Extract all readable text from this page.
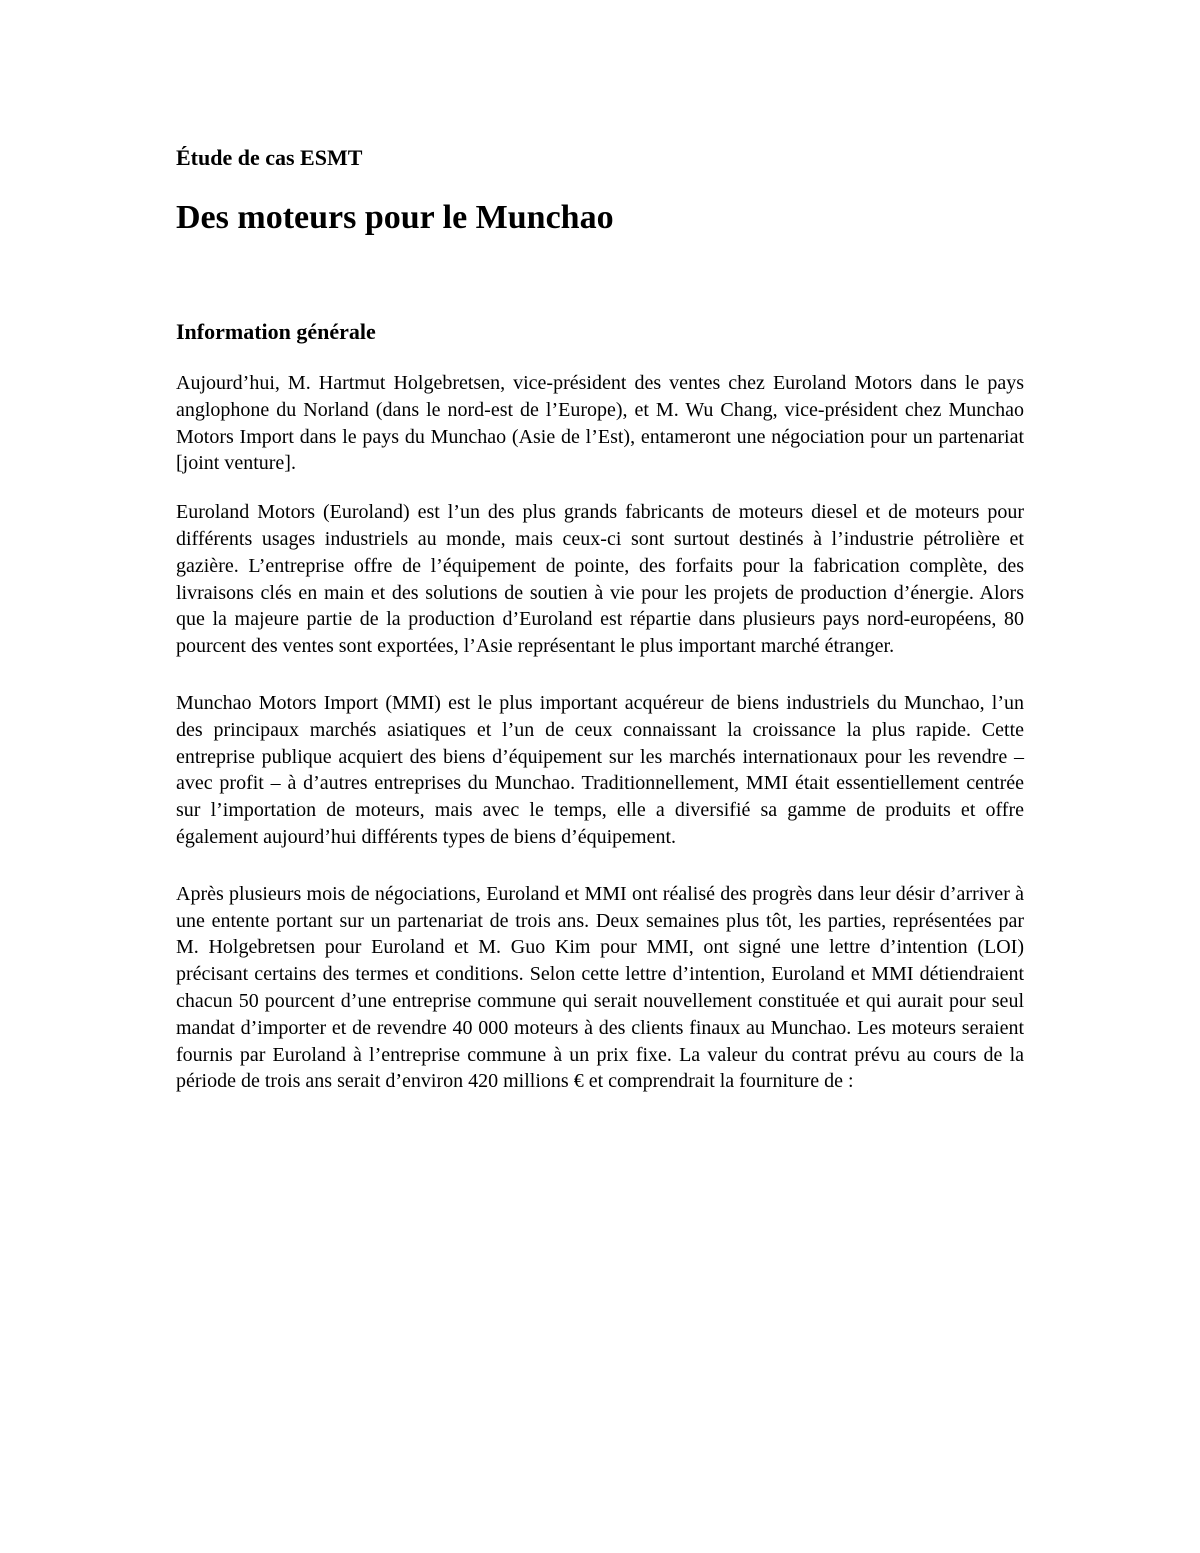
Étude de cas ESMT

Des moteurs pour le Munchao
Information générale

Aujourd’hui, M. Hartmut Holgebretsen, vice-président des ventes chez Euroland Motors dans le pays anglophone du Norland (dans le nord-est de l’Europe), et M. Wu Chang, vice-président chez Munchao Motors Import dans le pays du Munchao (Asie de l’Est), entameront une négociation pour un partenariat [joint venture].

Euroland Motors (Euroland) est l’un des plus grands fabricants de moteurs diesel et de moteurs pour différents usages industriels au monde, mais ceux-ci sont surtout destinés à l’industrie pétrolière et gazière. L’entreprise offre de l’équipement de pointe, des forfaits pour la fabrication complète, des livraisons clés en main et des solutions de soutien à vie pour les projets de production d’énergie. Alors que la majeure partie de la production d’Euroland est répartie dans plusieurs pays nord-européens, 80 pourcent des ventes sont exportées, l’Asie représentant le plus important marché étranger.

Munchao Motors Import (MMI) est le plus important acquéreur de biens industriels du Munchao, l’un des principaux marchés asiatiques et l’un de ceux connaissant la croissance la plus rapide. Cette entreprise publique acquiert des biens d’équipement sur les marchés internationaux pour les revendre – avec profit – à d’autres entreprises du Munchao. Traditionnellement, MMI était essentiellement centrée sur l’importation de moteurs, mais avec le temps, elle a diversifié sa gamme de produits et offre également aujourd’hui différents types de biens d’équipement.

Après plusieurs mois de négociations, Euroland et MMI ont réalisé des progrès dans leur désir d’arriver à une entente portant sur un partenariat de trois ans. Deux semaines plus tôt, les parties, représentées par M. Holgebretsen pour Euroland et M. Guo Kim pour MMI, ont signé une lettre d’intention (LOI) précisant certains des termes et conditions. Selon cette lettre d’intention, Euroland et MMI détiendraient chacun 50 pourcent d’une entreprise commune qui serait nouvellement constituée et qui aurait pour seul mandat d’importer et de revendre 40 000 moteurs à des clients finaux au Munchao. Les moteurs seraient fournis par Euroland à l’entreprise commune à un prix fixe. La valeur du contrat prévu au cours de la période de trois ans serait d’environ 420 millions € et comprendrait la fourniture de :
